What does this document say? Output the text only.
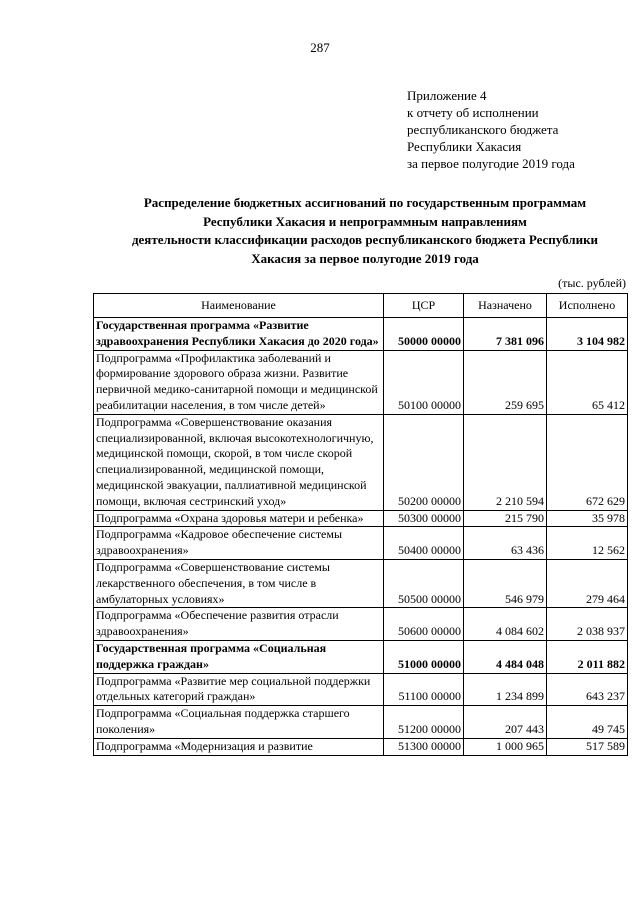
287
Приложение 4
к отчету об исполнении
республиканского бюджета
Республики Хакасия
за первое полугодие 2019 года
Распределение бюджетных ассигнований по государственным программам
Республики Хакасия и непрограммным направлениям
деятельности классификации расходов республиканского бюджета Республики
Хакасия за первое полугодие 2019 года
(тыс. рублей)
Наименование	ЦСР	Назначено	Исполнено
Государственная программа «Развитие здравоохранения Республики Хакасия до 2020 года»	50000 00000	7 381 096	3 104 982
Подпрограмма «Профилактика заболеваний и формирование здорового образа жизни. Развитие первичной медико-санитарной помощи и медицинской реабилитации населения, в том числе детей»	50100 00000	259 695	65 412
Подпрограмма «Совершенствование оказания специализированной, включая высокотехнологичную, медицинской помощи, скорой, в том числе скорой специализированной, медицинской помощи, медицинской эвакуации, паллиативной медицинской помощи, включая сестринский уход»	50200 00000	2 210 594	672 629
Подпрограмма «Охрана здоровья матери и ребенка»	50300 00000	215 790	35 978
Подпрограмма «Кадровое обеспечение системы здравоохранения»	50400 00000	63 436	12 562
Подпрограмма «Совершенствование системы лекарственного обеспечения, в том числе в амбулаторных условиях»	50500 00000	546 979	279 464
Подпрограмма «Обеспечение развития отрасли здравоохранения»	50600 00000	4 084 602	2 038 937
Государственная программа «Социальная поддержка граждан»	51000 00000	4 484 048	2 011 882
Подпрограмма «Развитие мер социальной поддержки отдельных категорий граждан»	51100 00000	1 234 899	643 237
Подпрограмма «Социальная поддержка старшего поколения»	51200 00000	207 443	49 745
Подпрограмма «Модернизация и развитие	51300 00000	1 000 965	517 589
